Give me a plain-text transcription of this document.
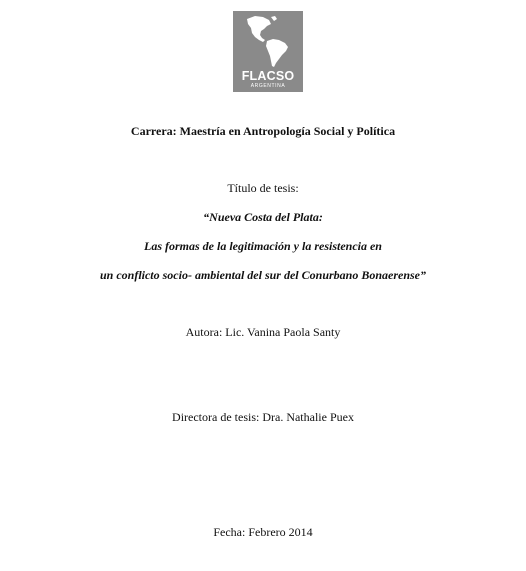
FLACSO
ARGENTINA
Carrera: Maestría en Antropología Social y Política
Título de tesis:
“Nueva Costa del Plata:
Las formas de la legitimación y la resistencia en
un conflicto socio- ambiental del sur del Conurbano Bonaerense”
Autora: Lic. Vanina Paola Santy
Directora de tesis: Dra. Nathalie Puex
Fecha: Febrero 2014
